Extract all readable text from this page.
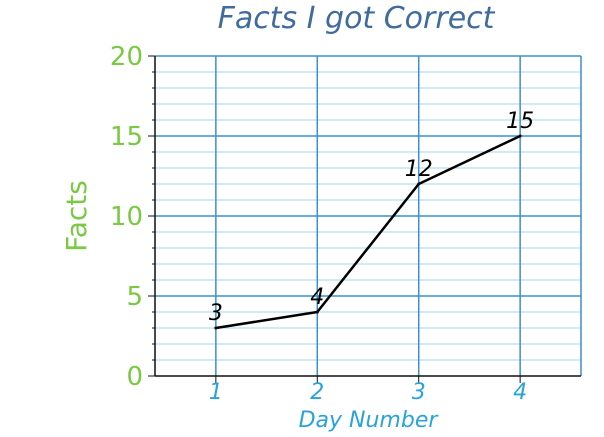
3
4
12
15
0
5
10
15
20
1	2	3	4
Facts I got Correct
Day Number
Facts
